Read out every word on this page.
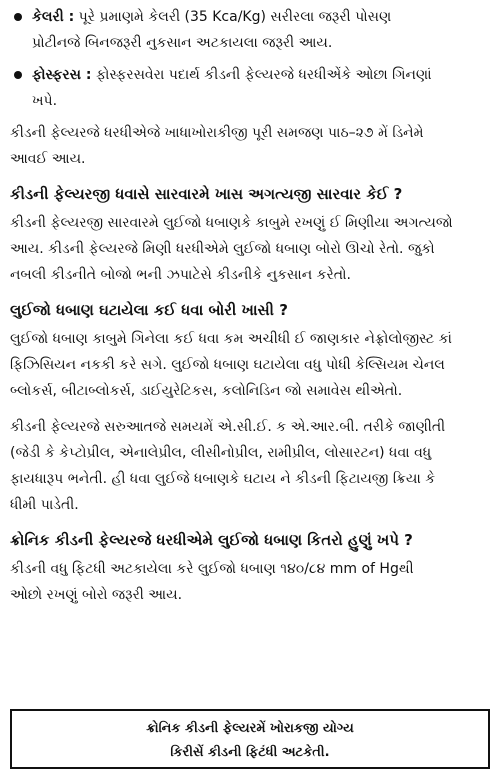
કેલરી : પૂરે પ્રમાણમે કેલરી (35 Kca/Kg) સરીરલા જરૂરી પોસણ

પ્રોટીનજે બિનજરૂરી નુકસાન અટકાયલા જરૂરી આય.

ફોસ્ફરસ : ફોસ્ફરસવેરા પદાર્થ કીડની ફેલ્યરજે ધરધીએંકે ઓછા ગિનણાં

ખપે.

કીડની ફેલ્યરજે ધરધીએજે ખાધાખોરાકીજી પૂરી સમજણ પાઠ–૨૭ મેં ડિનેમે

આવઈ આય.

કીડની ફેલ્યરજી ધવાસે સારવારમે ખાસ અગત્યજી સારવાર કેઈ ?

કીડની ફેલ્યરજી સારવારમે લુઈજો ધબાણકે કાબુમે રખણું ઈ મિણીયા અગત્યજો

આય. કીડની ફેલ્યરજે મિણી ધરધીએમે લુઈજો ધબાણ બોરો ઊચો રેતો. જુકો

નબલી કીડનીતે બોજો ભની ઝપાટેસે કીડનીકે નુકસાન કરેતો.

લુઈજો ધબાણ ઘટાયેલા કઈ ધવા બોરી ખાસી ?

લુઈજો ધબાણ કાબુમે ગિનેલા કઈ ધવા કમ અચીધી ઈ જાણકાર નેફ્રોલોજીસ્ટ કાં

ફિઝિસિયન નકકી કરે સગે. લુઈજો ધબાણ ઘટાયેલા વધુ પોધી કેલ્સિયમ ચેનલ

બ્લોકર્સ, બીટાબ્લોકર્સ, ડાઈયુરેટિકસ, કલોનિડિન જો સમાવેસ થીએતો.

કીડની ફેલ્યરજે સરુઆતજે સમયમેં એ.સી.ઈ. ક એ.આર.બી. તરીકે જાણીતી

(જેડી કે કેપ્ટોપ્રીલ, એનાલેપ્રીલ, લીસીનોપ્રીલ, રામીપ્રીલ, લોસારટન) ધવા વધુ

ફાયધારૂપ ભનેતી. હી ધવા લુઈજે ધબાણકે ઘટાય ને કીડની ફિટાયજી ક્રિયા કે

ધીમી પાડેતી.

ક્રોનિક કીડની ફેલ્યરજે ધરધીએમે લુઈજો ધબાણ કિતરો હુણું ખપે ?

કીડની વધુ ફિટધી અટકાયેલા કરે લુઈજો ધબાણ ૧૪૦/૮૪ mm of Hgથી

ઓછો રખણું બોરો જરૂરી આય.

ક્રોનિક કીડની ફેલ્યરમેં ખોરાકજી યોગ્ય

કિરીસેં કીડની ફિટંધી અટકેતી.
